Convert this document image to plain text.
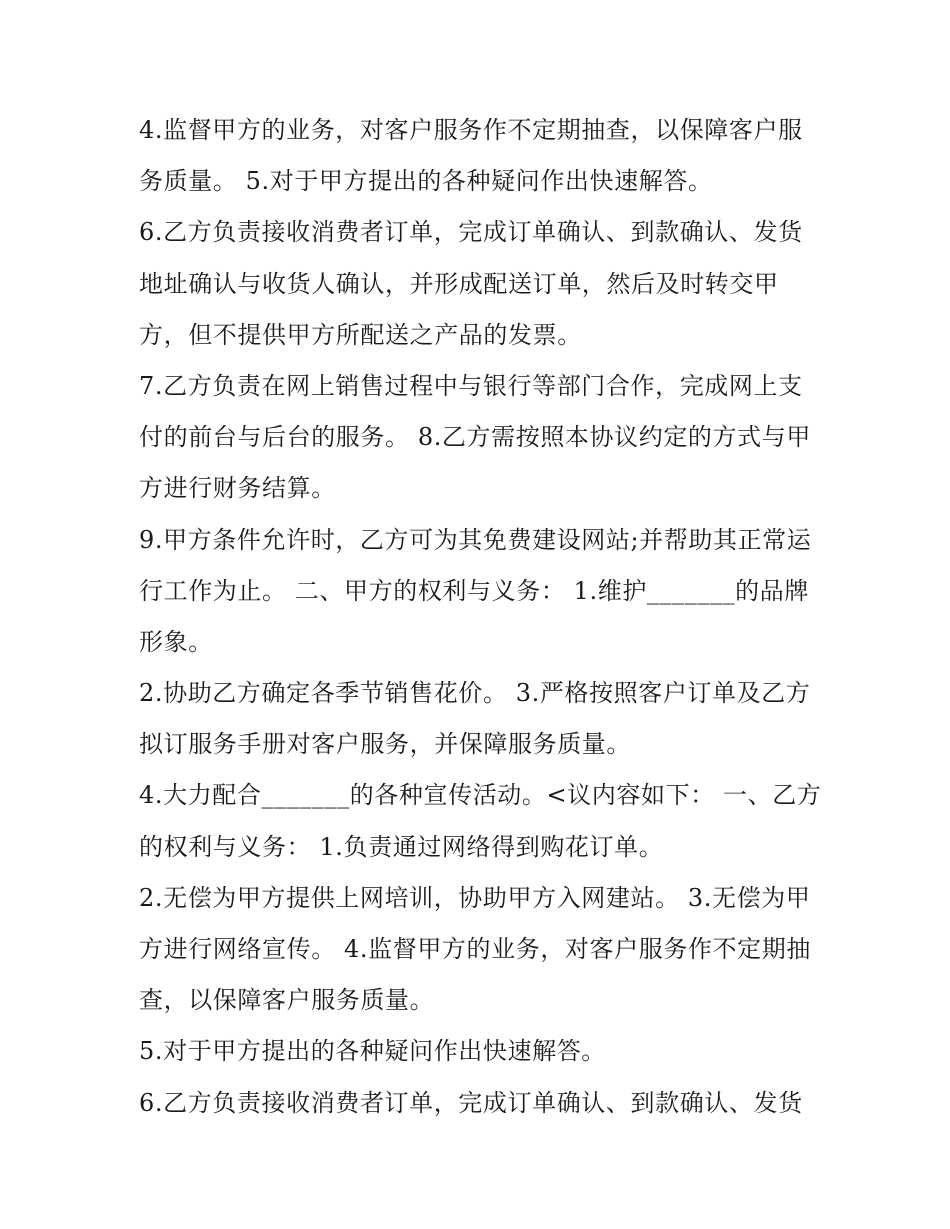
4.监督甲方的业务，对客户服务作不定期抽查，以保障客户服
务质量。 5.对于甲方提出的各种疑问作出快速解答。
6.乙方负责接收消费者订单，完成订单确认、到款确认、发货
地址确认与收货人确认，并形成配送订单，然后及时转交甲
方，但不提供甲方所配送之产品的发票。
7.乙方负责在网上销售过程中与银行等部门合作，完成网上支
付的前台与后台的服务。 8.乙方需按照本协议约定的方式与甲
方进行财务结算。
9.甲方条件允许时，乙方可为其免费建设网站;并帮助其正常运
行工作为止。 二、甲方的权利与义务： 1.维护_______的品牌
形象。
2.协助乙方确定各季节销售花价。 3.严格按照客户订单及乙方
拟订服务手册对客户服务，并保障服务质量。
4.大力配合_______的各种宣传活动。<议内容如下： 一、乙方
的权利与义务： 1.负责通过网络得到购花订单。
2.无偿为甲方提供上网培训，协助甲方入网建站。 3.无偿为甲
方进行网络宣传。 4.监督甲方的业务，对客户服务作不定期抽
查，以保障客户服务质量。
5.对于甲方提出的各种疑问作出快速解答。
6.乙方负责接收消费者订单，完成订单确认、到款确认、发货
